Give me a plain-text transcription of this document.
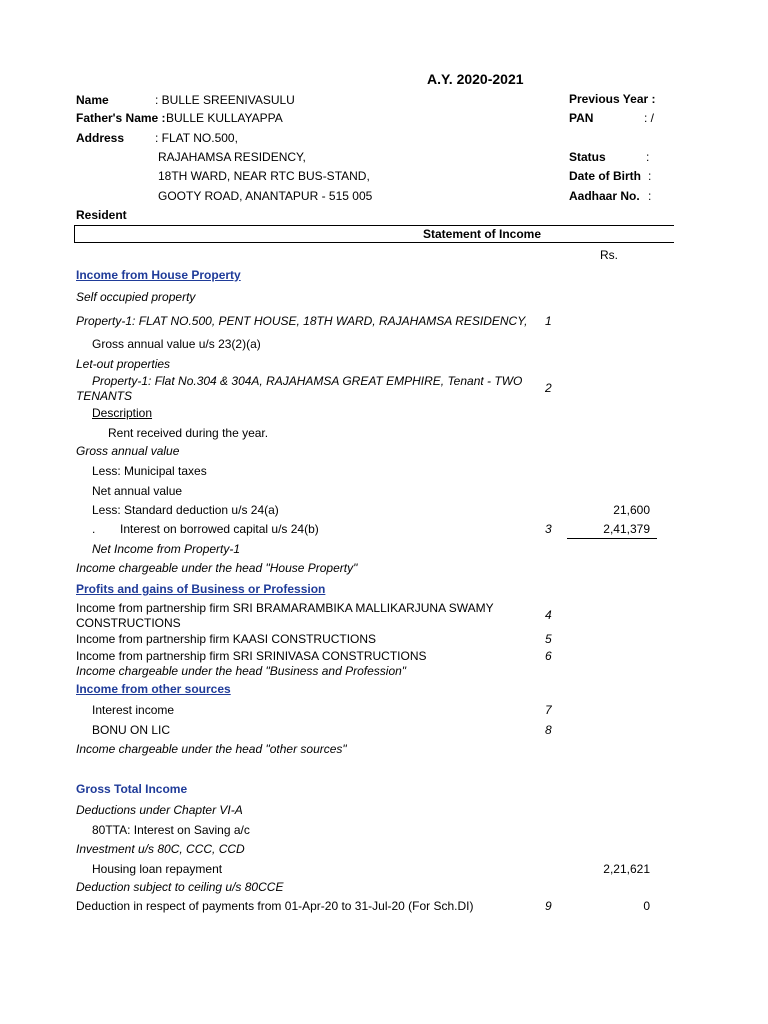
A.Y. 2020-2021
Name	: BULLE SREENIVASULU
Father's Name : BULLE KULLAYAPPA
Address	: FLAT NO.500,
RAJAHAMSA RESIDENCY,
18TH WARD, NEAR RTC BUS-STAND,
GOOTY ROAD, ANANTAPUR - 515 005
Resident
Previous Year :
PAN	: /
Status	:
Date of Birth :
Aadhaar No. :
Statement of Income
Rs.
Income from House Property
Self occupied property
Property-1: FLAT NO.500, PENT HOUSE, 18TH WARD, RAJAHAMSA RESIDENCY, 1
Gross annual value u/s 23(2)(a)
Let-out properties
Property-1: Flat No.304 & 304A, RAJAHAMSA GREAT EMPHIRE, Tenant - TWO
TENANTS
2
Description
Rent received during the year.
Gross annual value
Less: Municipal taxes
Net annual value
Less: Standard deduction u/s 24(a)	21,600
. Interest on borrowed capital u/s 24(b)	3	2,41,379
Net Income from Property-1
Income chargeable under the head "House Property"
Profits and gains of Business or Profession
Income from partnership firm SRI BRAMARAMBIKA MALLIKARJUNA SWAMY
CONSTRUCTIONS
4
Income from partnership firm KAASI CONSTRUCTIONS	5
Income from partnership firm SRI SRINIVASA CONSTRUCTIONS	6
Income chargeable under the head "Business and Profession"
Income from other sources
Interest income	7
BONU ON LIC	8
Income chargeable under the head "other sources"
Gross Total Income
Deductions under Chapter VI-A
80TTA: Interest on Saving a/c
Investment u/s 80C, CCC, CCD
Housing loan repayment	2,21,621
Deduction subject to ceiling u/s 80CCE
Deduction in respect of payments from 01-Apr-20 to 31-Jul-20 (For Sch.DI)	9	0
